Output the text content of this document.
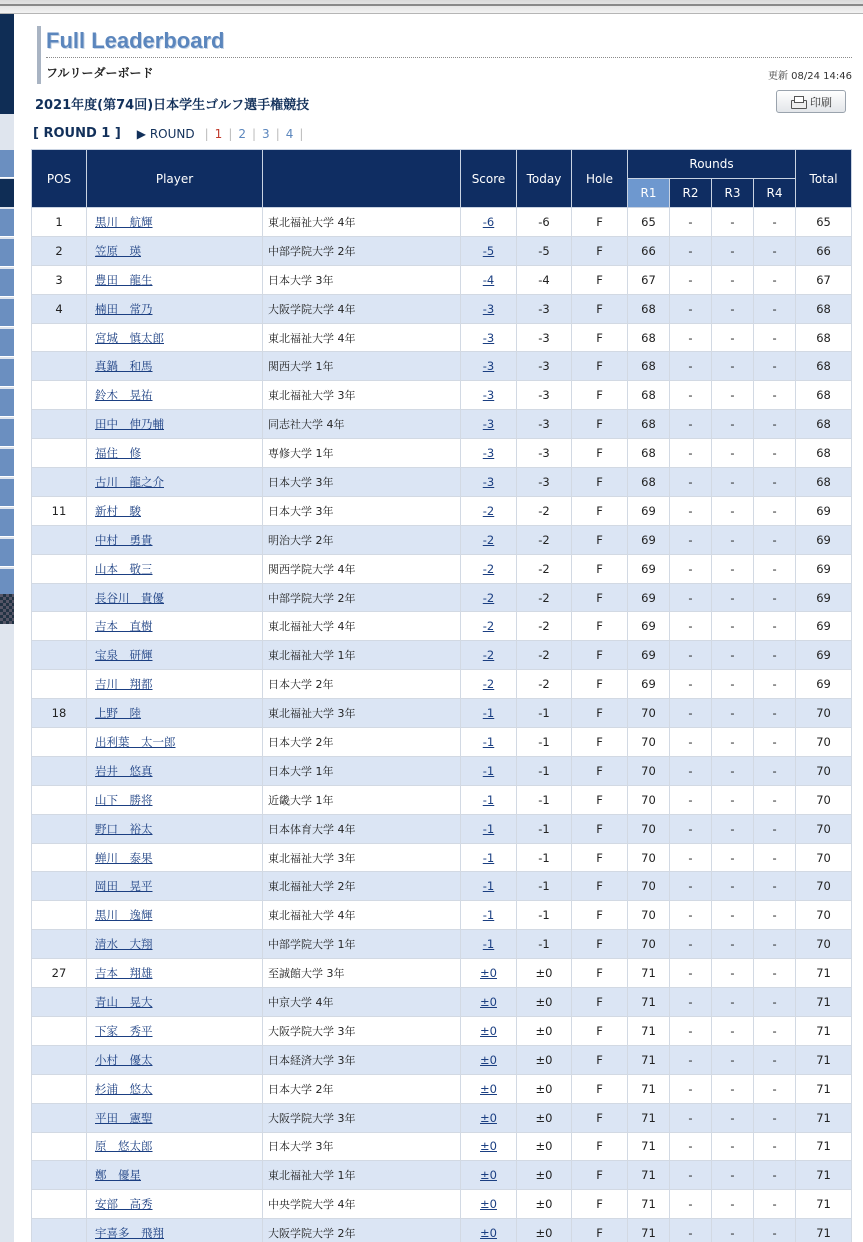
Full Leaderboard
フルリーダーボード	更新 08/24 14:46
2021年度(第74回)日本学生ゴルフ選手権競技	印刷
[ ROUND 1 ] ▶ ROUND | 1 | 2 | 3 | 4 |
POS	Player		Score	Today	Hole	Rounds				Total
						R1	R2	R3	R4	
1	黒川　航輝	東北福祉大学 4年	-6	-6	F	65	-	-	-	65
2	笠原　瑛	中部学院大学 2年	-5	-5	F	66	-	-	-	66
3	豊田　龍生	日本大学 3年	-4	-4	F	67	-	-	-	67
4	楠田　常乃	大阪学院大学 4年	-3	-3	F	68	-	-	-	68
	宮城　慎太郎	東北福祉大学 4年	-3	-3	F	68	-	-	-	68
	真鍋　和馬	関西大学 1年	-3	-3	F	68	-	-	-	68
	鈴木　晃祐	東北福祉大学 3年	-3	-3	F	68	-	-	-	68
	田中　伸乃輔	同志社大学 4年	-3	-3	F	68	-	-	-	68
	福住　修	専修大学 1年	-3	-3	F	68	-	-	-	68
	古川　龍之介	日本大学 3年	-3	-3	F	68	-	-	-	68
11	新村　駿	日本大学 3年	-2	-2	F	69	-	-	-	69
	中村　勇貴	明治大学 2年	-2	-2	F	69	-	-	-	69
	山本　敬三	関西学院大学 4年	-2	-2	F	69	-	-	-	69
	長谷川　貴優	中部学院大学 2年	-2	-2	F	69	-	-	-	69
	吉本　直樹	東北福祉大学 4年	-2	-2	F	69	-	-	-	69
	宝泉　研輝	東北福祉大学 1年	-2	-2	F	69	-	-	-	69
	吉川　翔都	日本大学 2年	-2	-2	F	69	-	-	-	69
18	上野　陸	東北福祉大学 3年	-1	-1	F	70	-	-	-	70
	出利葉　太一郎	日本大学 2年	-1	-1	F	70	-	-	-	70
	岩井　悠真	日本大学 1年	-1	-1	F	70	-	-	-	70
	山下　勝将	近畿大学 1年	-1	-1	F	70	-	-	-	70
	野口　裕太	日本体育大学 4年	-1	-1	F	70	-	-	-	70
	蝉川　泰果	東北福祉大学 3年	-1	-1	F	70	-	-	-	70
	岡田　晃平	東北福祉大学 2年	-1	-1	F	70	-	-	-	70
	黒川　逸輝	東北福祉大学 4年	-1	-1	F	70	-	-	-	70
	清水　大翔	中部学院大学 1年	-1	-1	F	70	-	-	-	70
27	吉本　翔雄	至誠館大学 3年	±0	±0	F	71	-	-	-	71
	青山　晃大	中京大学 4年	±0	±0	F	71	-	-	-	71
	下家　秀平	大阪学院大学 3年	±0	±0	F	71	-	-	-	71
	小村　優太	日本経済大学 3年	±0	±0	F	71	-	-	-	71
	杉浦　悠太	日本大学 2年	±0	±0	F	71	-	-	-	71
	平田　憲聖	大阪学院大学 3年	±0	±0	F	71	-	-	-	71
	原　悠太郎	日本大学 3年	±0	±0	F	71	-	-	-	71
	鄭　優星	東北福祉大学 1年	±0	±0	F	71	-	-	-	71
	安部　高秀	中央学院大学 4年	±0	±0	F	71	-	-	-	71
	宇喜多　飛翔	大阪学院大学 2年	±0	±0	F	71	-	-	-	71
